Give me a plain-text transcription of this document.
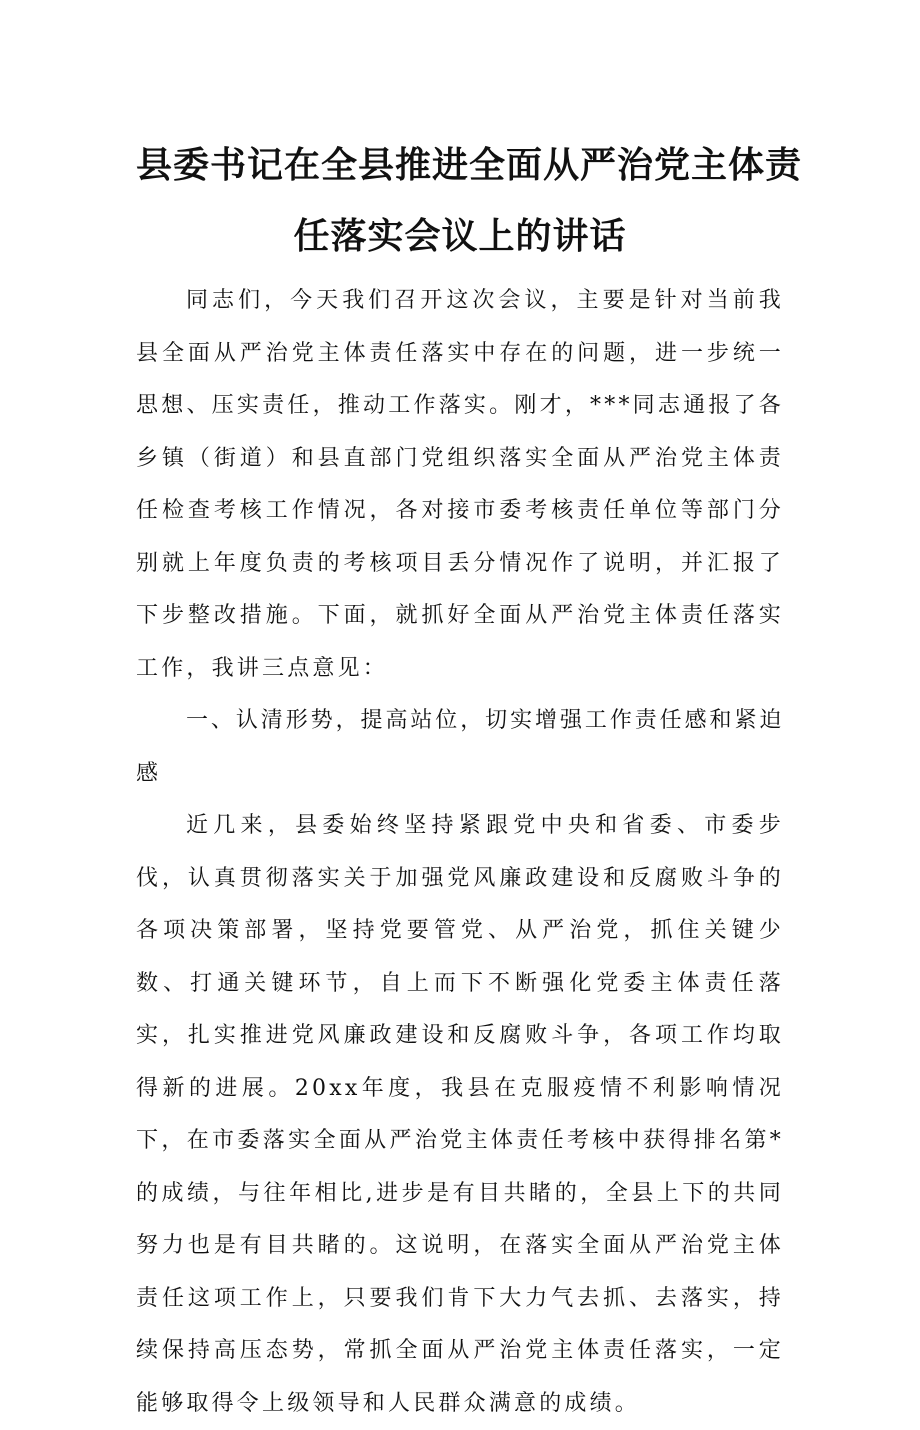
县委书记在全县推进全面从严治党主体责
任落实会议上的讲话

同志们，今天我们召开这次会议，主要是针对当前我县全面从严治党主体责任落实中存在的问题，进一步统一思想、压实责任，推动工作落实。刚才，***同志通报了各乡镇（街道）和县直部门党组织落实全面从严治党主体责任检查考核工作情况，各对接市委考核责任单位等部门分别就上年度负责的考核项目丢分情况作了说明，并汇报了下步整改措施。下面，就抓好全面从严治党主体责任落实工作，我讲三点意见：

一、认清形势，提高站位，切实增强工作责任感和紧迫感

近几来，县委始终坚持紧跟党中央和省委、市委步伐，认真贯彻落实关于加强党风廉政建设和反腐败斗争的各项决策部署，坚持党要管党、从严治党，抓住关键少数、打通关键环节，自上而下不断强化党委主体责任落实，扎实推进党风廉政建设和反腐败斗争，各项工作均取得新的进展。20xx年度，我县在克服疫情不利影响情况下，在市委落实全面从严治党主体责任考核中获得排名第*的成绩，与往年相比,进步是有目共睹的，全县上下的共同努力也是有目共睹的。这说明，在落实全面从严治党主体责任这项工作上，只要我们肯下大力气去抓、去落实，持续保持高压态势，常抓全面从严治党主体责任落实，一定能够取得令上级领导和人民群众满意的成绩。
